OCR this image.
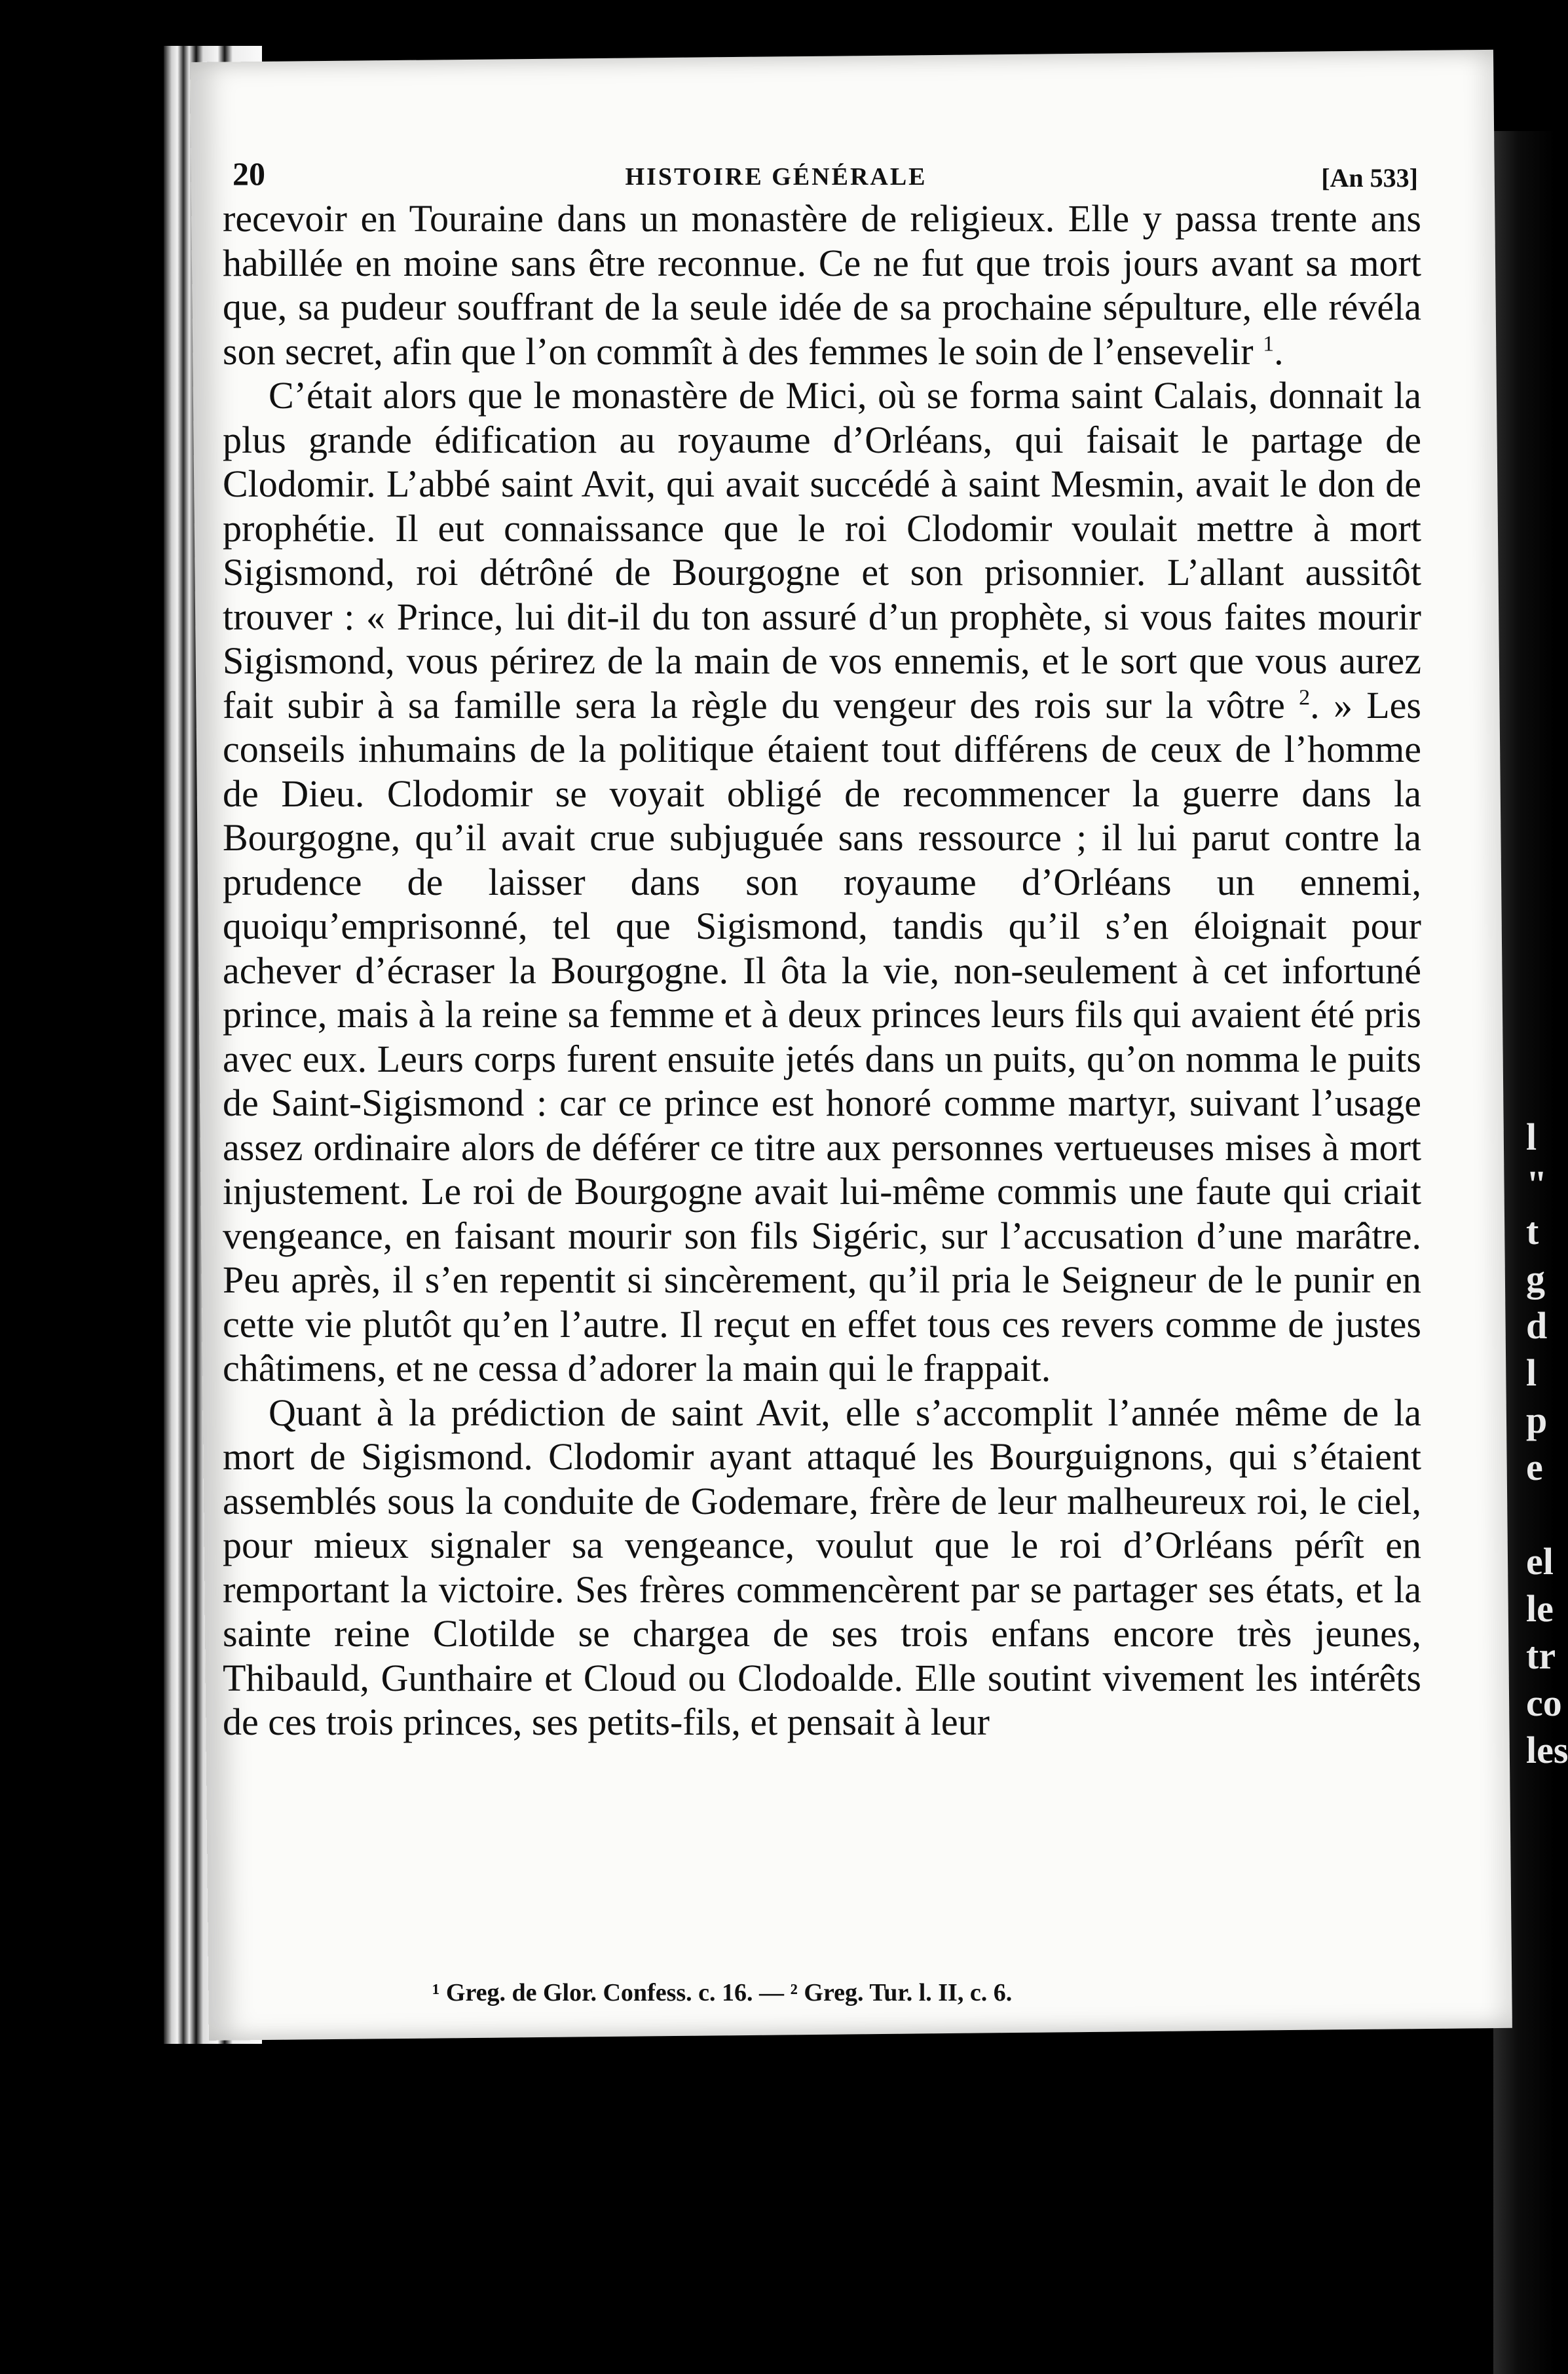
l
"
t
g
d
l
p
e

el
le
tr
co
les
20	HISTOIRE GÉNÉRALE	[An 533]

recevoir en Touraine dans un monastère de religieux. Elle y passa trente ans habillée en moine sans être reconnue. Ce ne fut que trois jours avant sa mort que, sa pudeur souffrant de la seule idée de sa prochaine sépulture, elle révéla son secret, afin que l’on commît à des femmes le soin de l’ensevelir $^1$.

C’était alors que le monastère de Mici, où se forma saint Calais, donnait la plus grande édification au royaume d’Orléans, qui faisait le partage de Clodomir. L’abbé saint Avit, qui avait succédé à saint Mesmin, avait le don de prophétie. Il eut connaissance que le roi Clodomir voulait mettre à mort Sigismond, roi détrôné de Bourgogne et son prisonnier. L’allant aussitôt trouver : « Prince, lui dit-il du ton assuré d’un prophète, si vous faites mourir Sigismond, vous périrez de la main de vos ennemis, et le sort que vous aurez fait subir à sa famille sera la règle du vengeur des rois sur la vôtre $^2$. » Les conseils inhumains de la politique étaient tout différens de ceux de l’homme de Dieu. Clodomir se voyait obligé de recommencer la guerre dans la Bourgogne, qu’il avait crue subjuguée sans ressource ; il lui parut contre la prudence de laisser dans son royaume d’Orléans un ennemi, quoiqu’emprisonné, tel que Sigismond, tandis qu’il s’en éloignait pour achever d’écraser la Bourgogne. Il ôta la vie, non-seulement à cet infortuné prince, mais à la reine sa femme et à deux princes leurs fils qui avaient été pris avec eux. Leurs corps furent ensuite jetés dans un puits, qu’on nomma le puits de Saint-Sigismond : car ce prince est honoré comme martyr, suivant l’usage assez ordinaire alors de déférer ce titre aux personnes vertueuses mises à mort injustement. Le roi de Bourgogne avait lui-même commis une faute qui criait vengeance, en faisant mourir son fils Sigéric, sur l’accusation d’une marâtre. Peu après, il s’en repentit si sincèrement, qu’il pria le Seigneur de le punir en cette vie plutôt qu’en l’autre. Il reçut en effet tous ces revers comme de justes châtimens, et ne cessa d’adorer la main qui le frappait.

Quant à la prédiction de saint Avit, elle s’accomplit l’année même de la mort de Sigismond. Clodomir ayant attaqué les Bourguignons, qui s’étaient assemblés sous la conduite de Godemare, frère de leur malheureux roi, le ciel, pour mieux signaler sa vengeance, voulut que le roi d’Orléans pérît en remportant la victoire. Ses frères commencèrent par se partager ses états, et la sainte reine Clotilde se chargea de ses trois enfans encore très jeunes, Thibauld, Gunthaire et Cloud ou Clodoalde. Elle soutint vivement les intérêts de ces trois princes, ses petits-fils, et pensait à leur

¹ Greg. de Glor. Confess. c. 16. — ² Greg. Tur. l. II, c. 6.
